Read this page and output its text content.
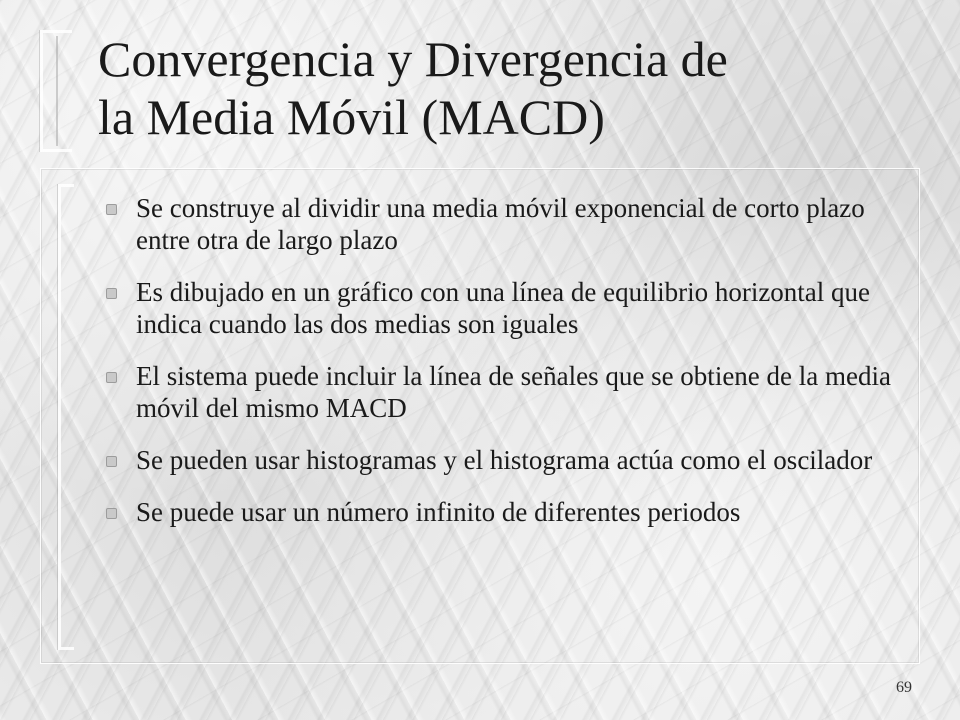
Convergencia y Divergencia de
la Media Móvil (MACD)
Se construye al dividir una media móvil exponencial de corto plazo entre otra de largo plazo
Es dibujado en un gráfico con una línea de equilibrio horizontal que indica cuando las dos medias son iguales
El sistema puede incluir la línea de señales que se obtiene de la media móvil del mismo MACD
Se pueden usar histogramas y el histograma actúa como el oscilador
Se puede usar un número infinito de diferentes periodos
69
